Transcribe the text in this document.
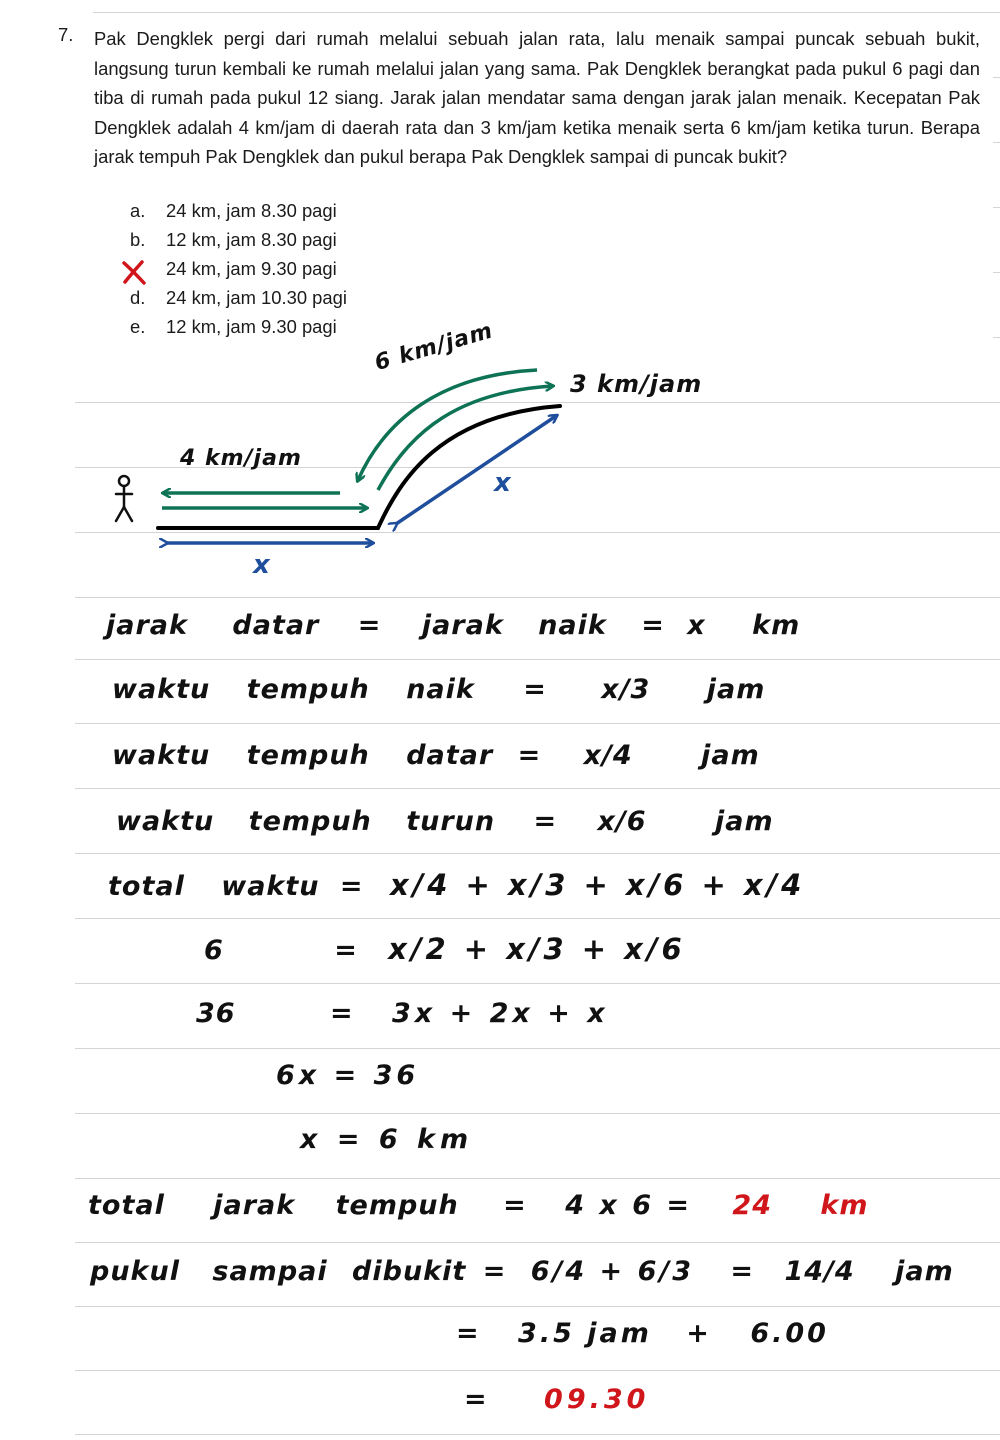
7. Pak Dengklek pergi dari rumah melalui sebuah jalan rata, lalu menaik sampai puncak sebuah bukit, langsung turun kembali ke rumah melalui jalan yang sama. Pak Dengklek berangkat pada pukul 6 pagi dan tiba di rumah pada pukul 12 siang. Jarak jalan mendatar sama dengan jarak jalan menaik. Kecepatan Pak Dengklek adalah 4 km/jam di daerah rata dan 3 km/jam ketika menaik serta 6 km/jam ketika turun. Berapa jarak tempuh Pak Dengklek dan pukul berapa Pak Dengklek sampai di puncak bukit?
a. 24 km, jam 8.30 pagi
b. 12 km, jam 8.30 pagi
24 km, jam 9.30 pagi
d. 24 km, jam 10.30 pagi
e. 12 km, jam 9.30 pagi 6 km/jam
3 km/jam
4 km/jam
x
x
jarak datar = jarak naik = x km
waktu tempuh naik = x/3 jam
waktu tempuh datar = x/4	jam
waktu tempuh turun = x/6	jam
total waktu = x/4 + x/3 + x/6 + x/4
6	= x/2 + x/3 + x/6
36	= 3x + 2x + x
6x = 36
x = 6 km
total jarak tempuh = 4 x 6 = 24 km
pukul sampai dibukit = 6/4 + 6/3 = 14/4 jam
= 3.5 jam + 6.00
= 09.30
